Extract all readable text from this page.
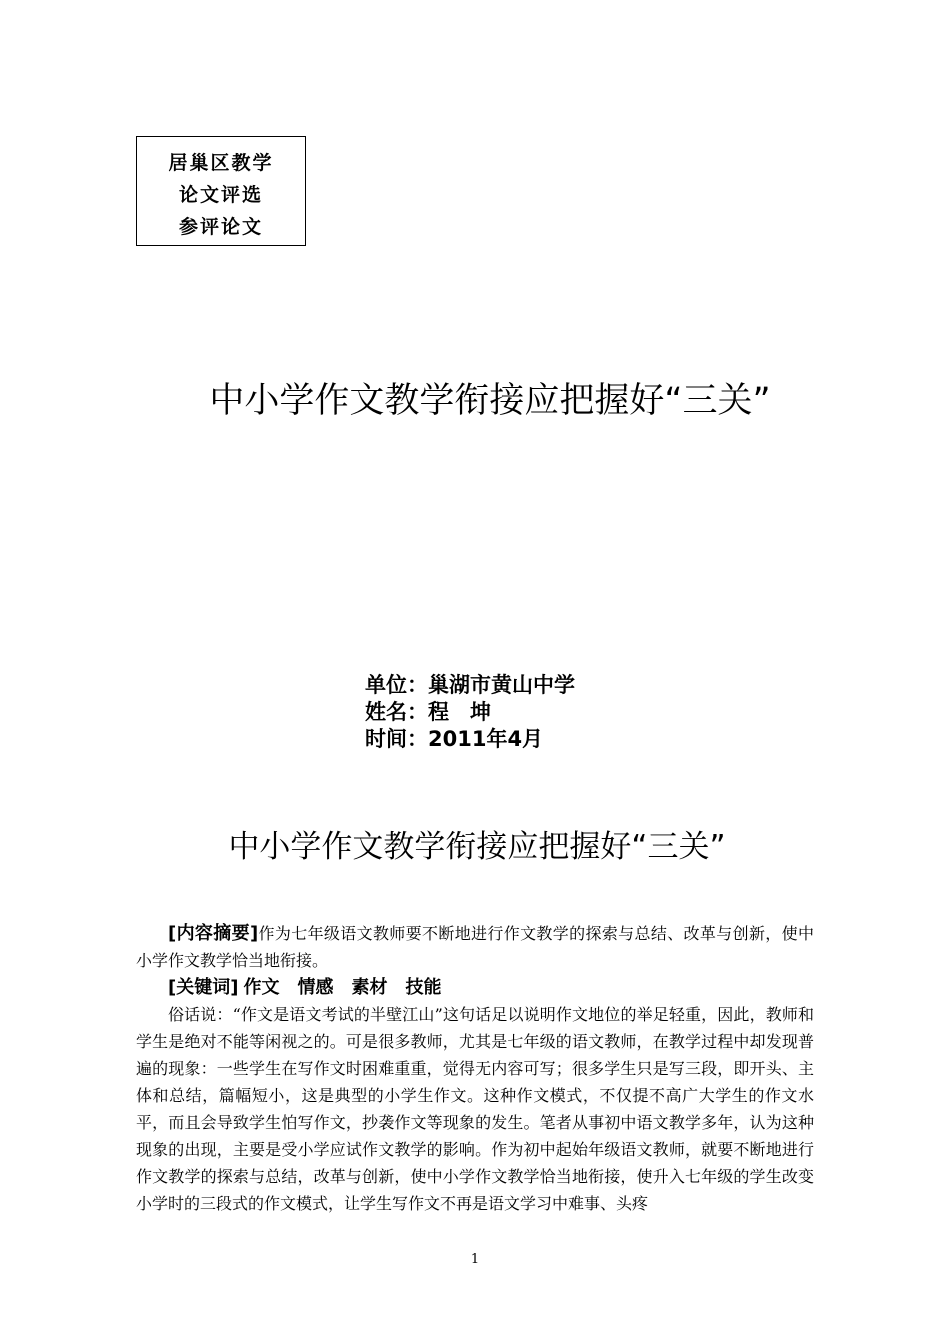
居巢区教学
论文评选
参评论文
中小学作文教学衔接应把握好“三关”
单位：巢湖市黄山中学
姓名：程　坤
时间：2011年4月
中小学作文教学衔接应把握好“三关”

[内容摘要]作为七年级语文教师要不断地进行作文教学的探索与总结、改革与创新，使中小学作文教学恰当地衔接。

[关键词] 作文 情感 素材 技能

俗话说：“作文是语文考试的半壁江山”这句话足以说明作文地位的举足轻重，因此，教师和学生是绝对不能等闲视之的。可是很多教师，尤其是七年级的语文教师，在教学过程中却发现普遍的现象：一些学生在写作文时困难重重，觉得无内容可写；很多学生只是写三段，即开头、主体和总结，篇幅短小，这是典型的小学生作文。这种作文模式，不仅提不高广大学生的作文水平，而且会导致学生怕写作文，抄袭作文等现象的发生。笔者从事初中语文教学多年，认为这种现象的出现，主要是受小学应试作文教学的影响。作为初中起始年级语文教师，就要不断地进行作文教学的探索与总结，改革与创新，使中小学作文教学恰当地衔接，使升入七年级的学生改变小学时的三段式的作文模式，让学生写作文不再是语文学习中难事、头疼

1
